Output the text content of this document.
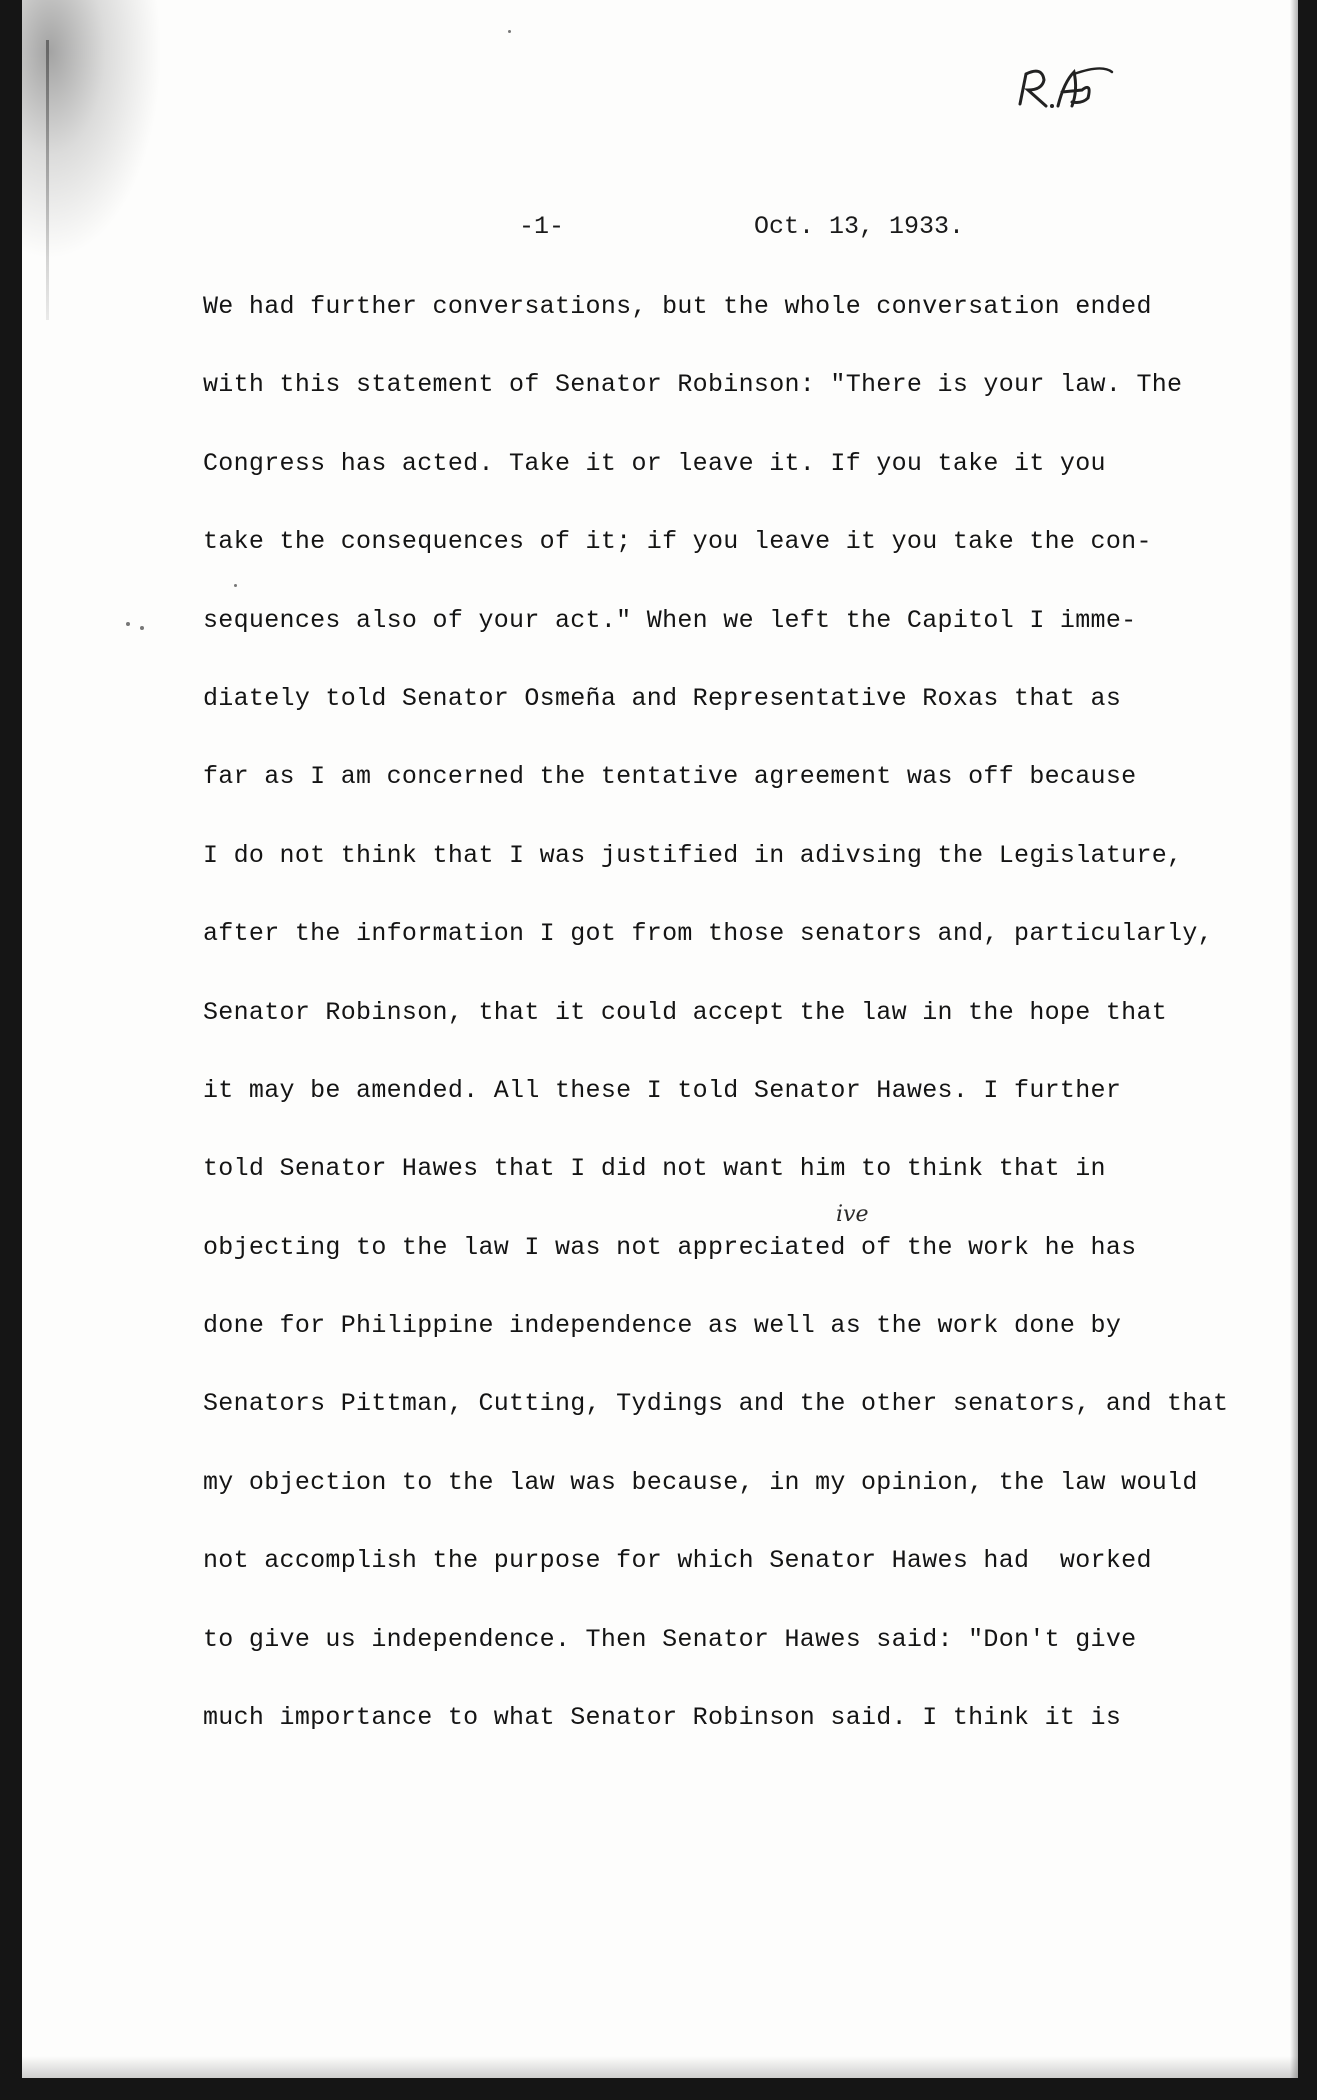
-1-	Oct. 13, 1933.
ive
We had further conversations, but the whole conversation ended
with this statement of Senator Robinson: "There is your law. The
Congress has acted. Take it or leave it. If you take it you
take the consequences of it; if you leave it you take the con-
sequences also of your act." When we left the Capitol I imme-
diately told Senator Osmeña and Representative Roxas that as
far as I am concerned the tentative agreement was off because
I do not think that I was justified in adivsing the Legislature,
after the information I got from those senators and, particularly,
Senator Robinson, that it could accept the law in the hope that
it may be amended. All these I told Senator Hawes. I further
told Senator Hawes that I did not want him to think that in
objecting to the law I was not appreciated of the work he has
done for Philippine independence as well as the work done by
Senators Pittman, Cutting, Tydings and the other senators, and that
my objection to the law was because, in my opinion, the law would
not accomplish the purpose for which Senator Hawes had  worked
to give us independence. Then Senator Hawes said: "Don't give
much importance to what Senator Robinson said. I think it is
